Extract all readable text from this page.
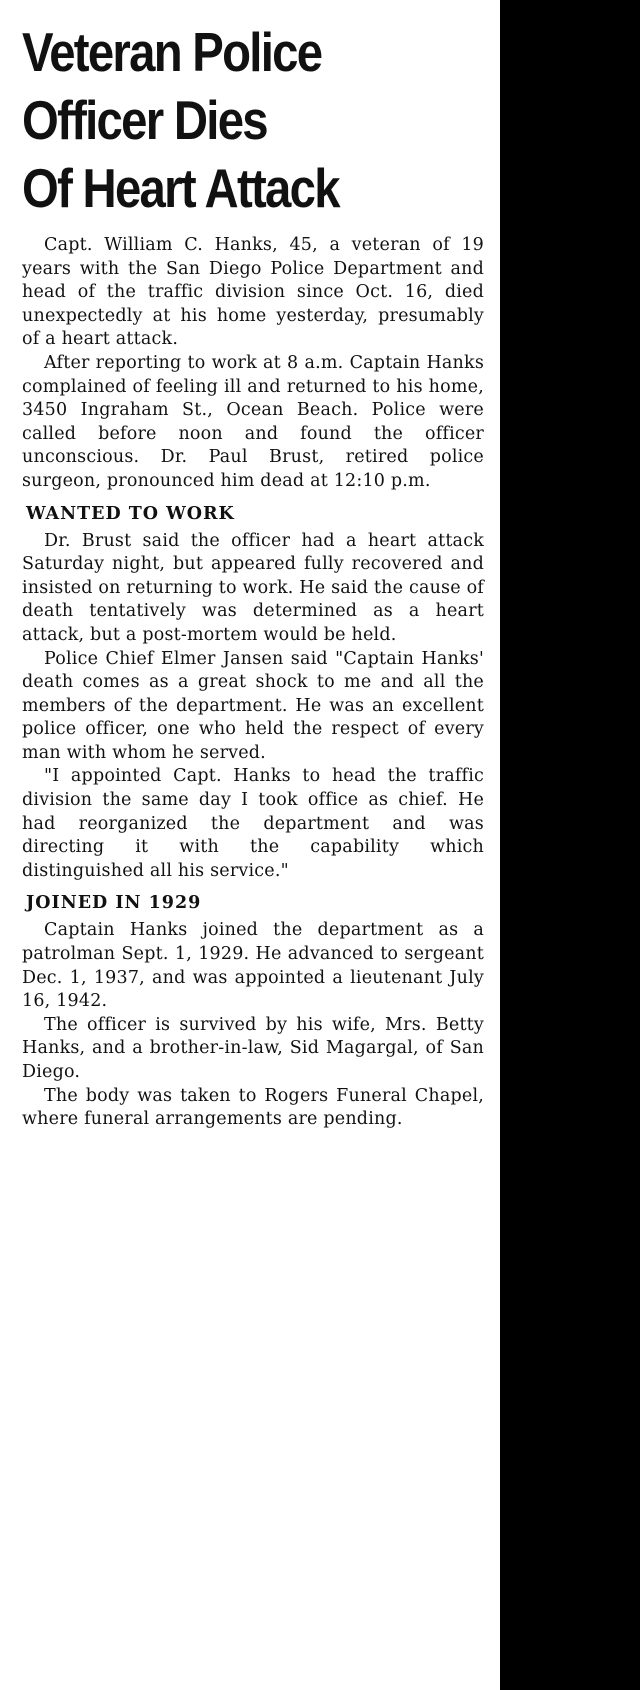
Veteran Police
Officer Dies
Of Heart Attack

Capt. William C. Hanks, 45, a veteran of 19 years with the San Diego Police Department and head of the traffic division since Oct. 16, died unexpectedly at his home yesterday, presumably of a heart attack.

After reporting to work at 8 a.m. Captain Hanks complained of feeling ill and returned to his home, 3450 Ingraham St., Ocean Beach. Police were called before noon and found the officer unconscious. Dr. Paul Brust, retired police surgeon, pronounced him dead at 12:10 p.m.

WANTED TO WORK

Dr. Brust said the officer had a heart attack Saturday night, but appeared fully recovered and insisted on returning to work. He said the cause of death tentatively was determined as a heart attack, but a post-mortem would be held.

Police Chief Elmer Jansen said "Captain Hanks' death comes as a great shock to me and all the members of the department. He was an excellent police officer, one who held the respect of every man with whom he served.

"I appointed Capt. Hanks to head the traffic division the same day I took office as chief. He had reorganized the department and was directing it with the capability which distinguished all his service."

JOINED IN 1929

Captain Hanks joined the department as a patrolman Sept. 1, 1929. He advanced to sergeant Dec. 1, 1937, and was appointed a lieutenant July 16, 1942.

The officer is survived by his wife, Mrs. Betty Hanks, and a brother-in-law, Sid Magargal, of San Diego.

The body was taken to Rogers Funeral Chapel, where funeral arrangements are pending.
